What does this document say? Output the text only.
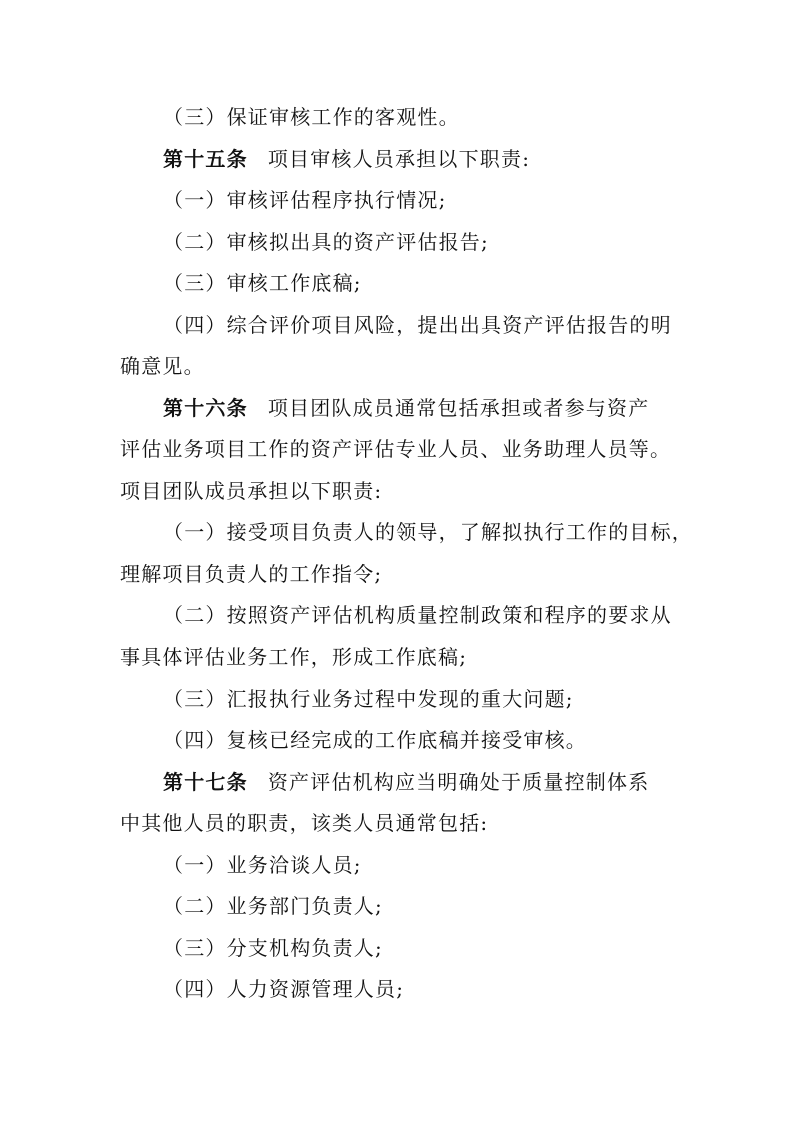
（三）保证审核工作的客观性。
第十五条 项目审核人员承担以下职责:
（一）审核评估程序执行情况;
（二）审核拟出具的资产评估报告;
（三）审核工作底稿;
（四）综合评价项目风险，提出出具资产评估报告的明
确意见。
第十六条 项目团队成员通常包括承担或者参与资产
评估业务项目工作的资产评估专业人员、业务助理人员等。
项目团队成员承担以下职责:
（一）接受项目负责人的领导，了解拟执行工作的目标，
理解项目负责人的工作指令;
（二）按照资产评估机构质量控制政策和程序的要求从
事具体评估业务工作，形成工作底稿;
（三）汇报执行业务过程中发现的重大问题;
（四）复核已经完成的工作底稿并接受审核。
第十七条 资产评估机构应当明确处于质量控制体系
中其他人员的职责，该类人员通常包括:
（一）业务洽谈人员;
（二）业务部门负责人;
（三）分支机构负责人;
（四）人力资源管理人员;
